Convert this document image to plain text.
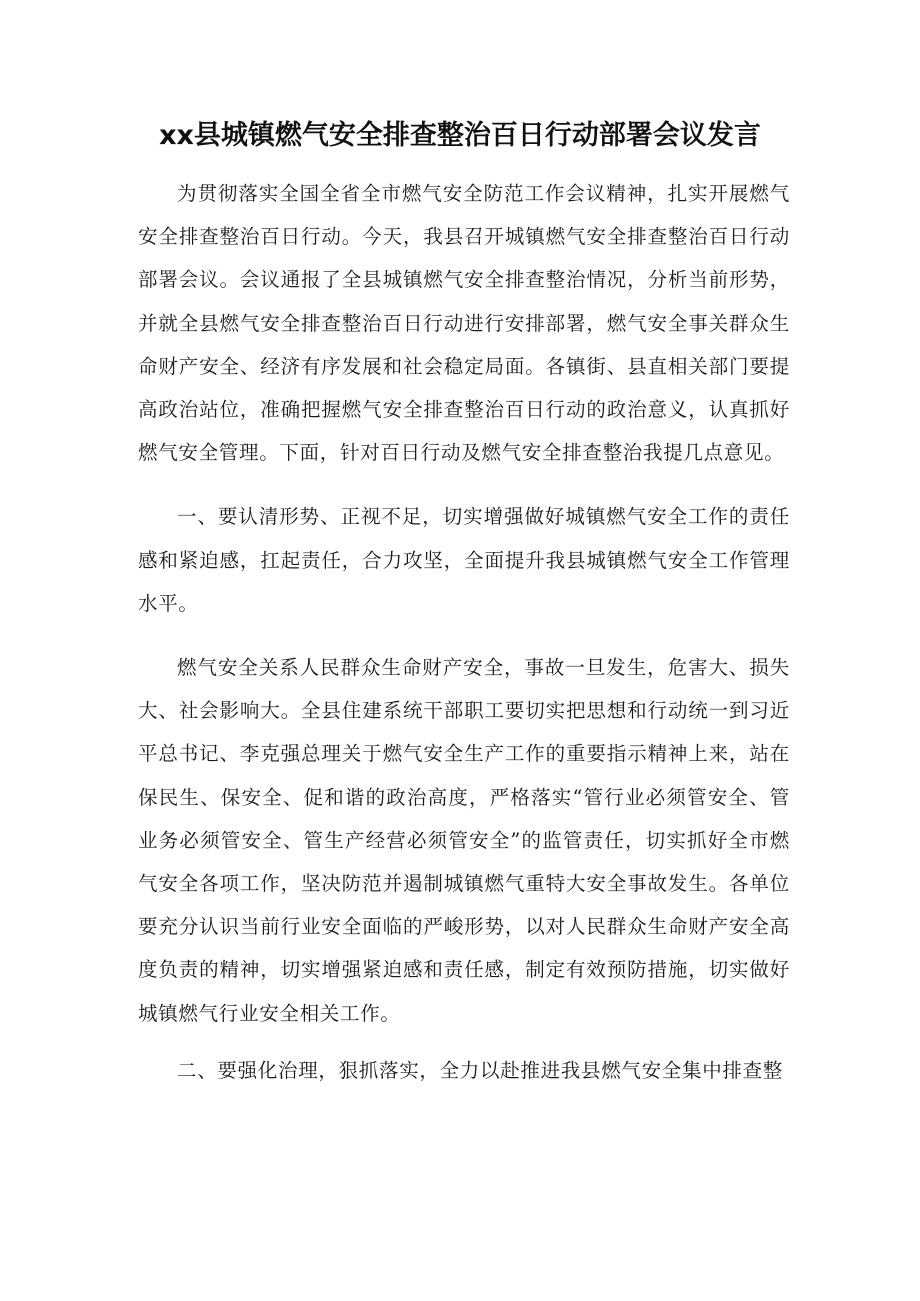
xx县城镇燃气安全排查整治百日行动部署会议发言

为贯彻落实全国全省全市燃气安全防范工作会议精神，扎实开展燃气安全排查整治百日行动。今天，我县召开城镇燃气安全排查整治百日行动部署会议。会议通报了全县城镇燃气安全排查整治情况，分析当前形势，并就全县燃气安全排查整治百日行动进行安排部署，燃气安全事关群众生命财产安全、经济有序发展和社会稳定局面。各镇街、县直相关部门要提高政治站位，准确把握燃气安全排查整治百日行动的政治意义，认真抓好燃气安全管理。下面，针对百日行动及燃气安全排查整治我提几点意见。

一、要认清形势、正视不足，切实增强做好城镇燃气安全工作的责任感和紧迫感，扛起责任，合力攻坚，全面提升我县城镇燃气安全工作管理水平。

燃气安全关系人民群众生命财产安全，事故一旦发生，危害大、损失大、社会影响大。全县住建系统干部职工要切实把思想和行动统一到习近平总书记、李克强总理关于燃气安全生产工作的重要指示精神上来，站在保民生、保安全、促和谐的政治高度，严格落实“管行业必须管安全、管业务必须管安全、管生产经营必须管安全”的监管责任，切实抓好全市燃气安全各项工作，坚决防范并遏制城镇燃气重特大安全事故发生。各单位要充分认识当前行业安全面临的严峻形势，以对人民群众生命财产安全高度负责的精神，切实增强紧迫感和责任感，制定有效预防措施，切实做好城镇燃气行业安全相关工作。

二、要强化治理，狠抓落实，全力以赴推进我县燃气安全集中排查整
